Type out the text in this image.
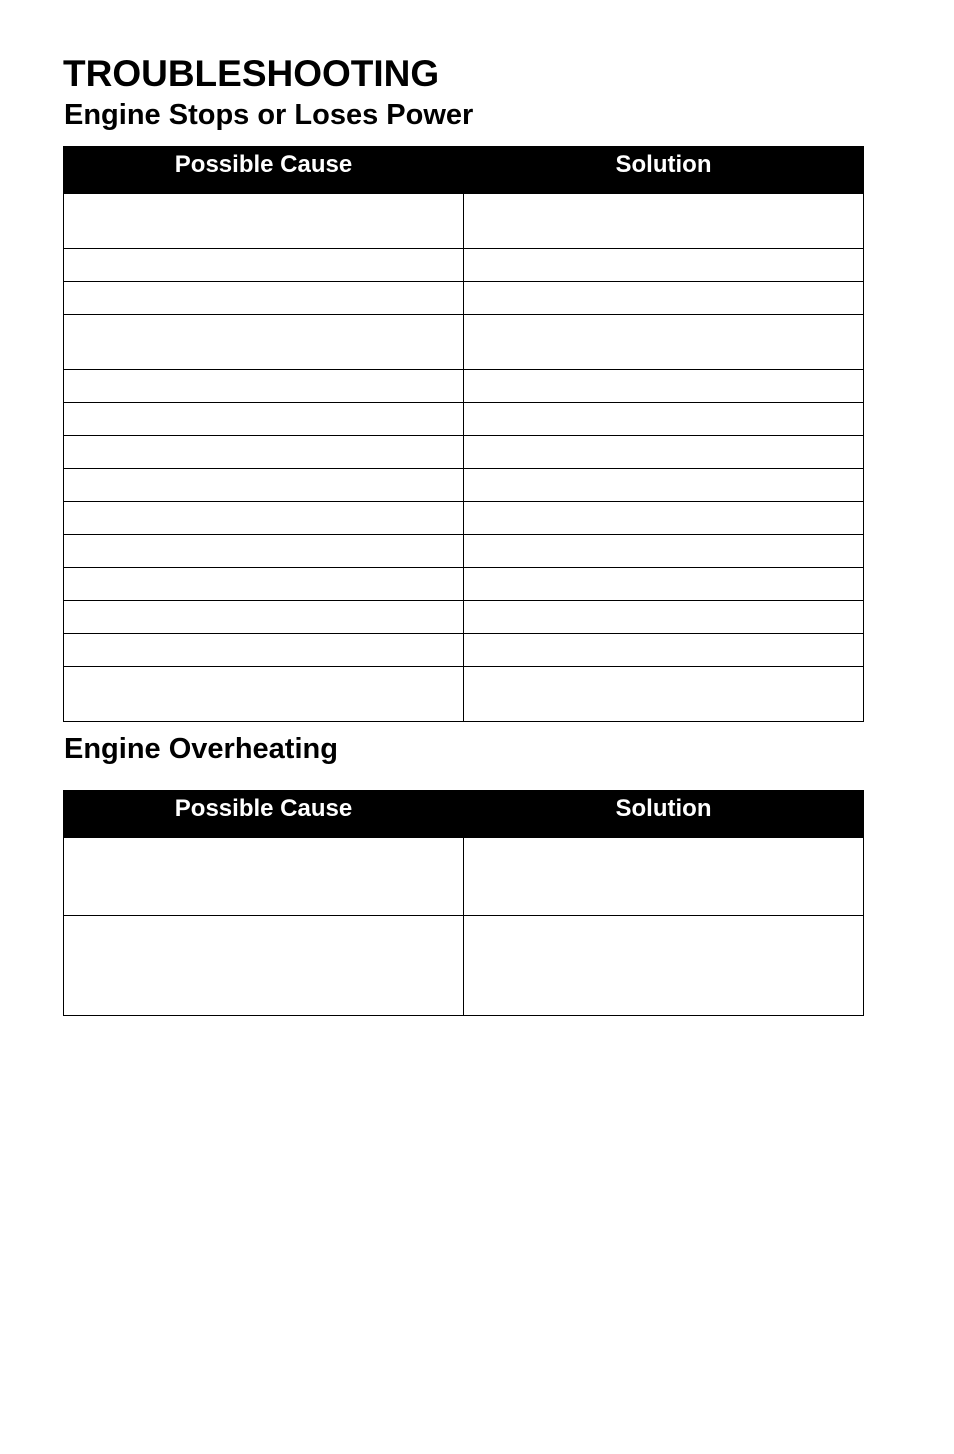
TROUBLESHOOTING
Engine Stops or Loses Power
Possible Cause	Solution

Engine Overheating
Possible Cause	Solution
